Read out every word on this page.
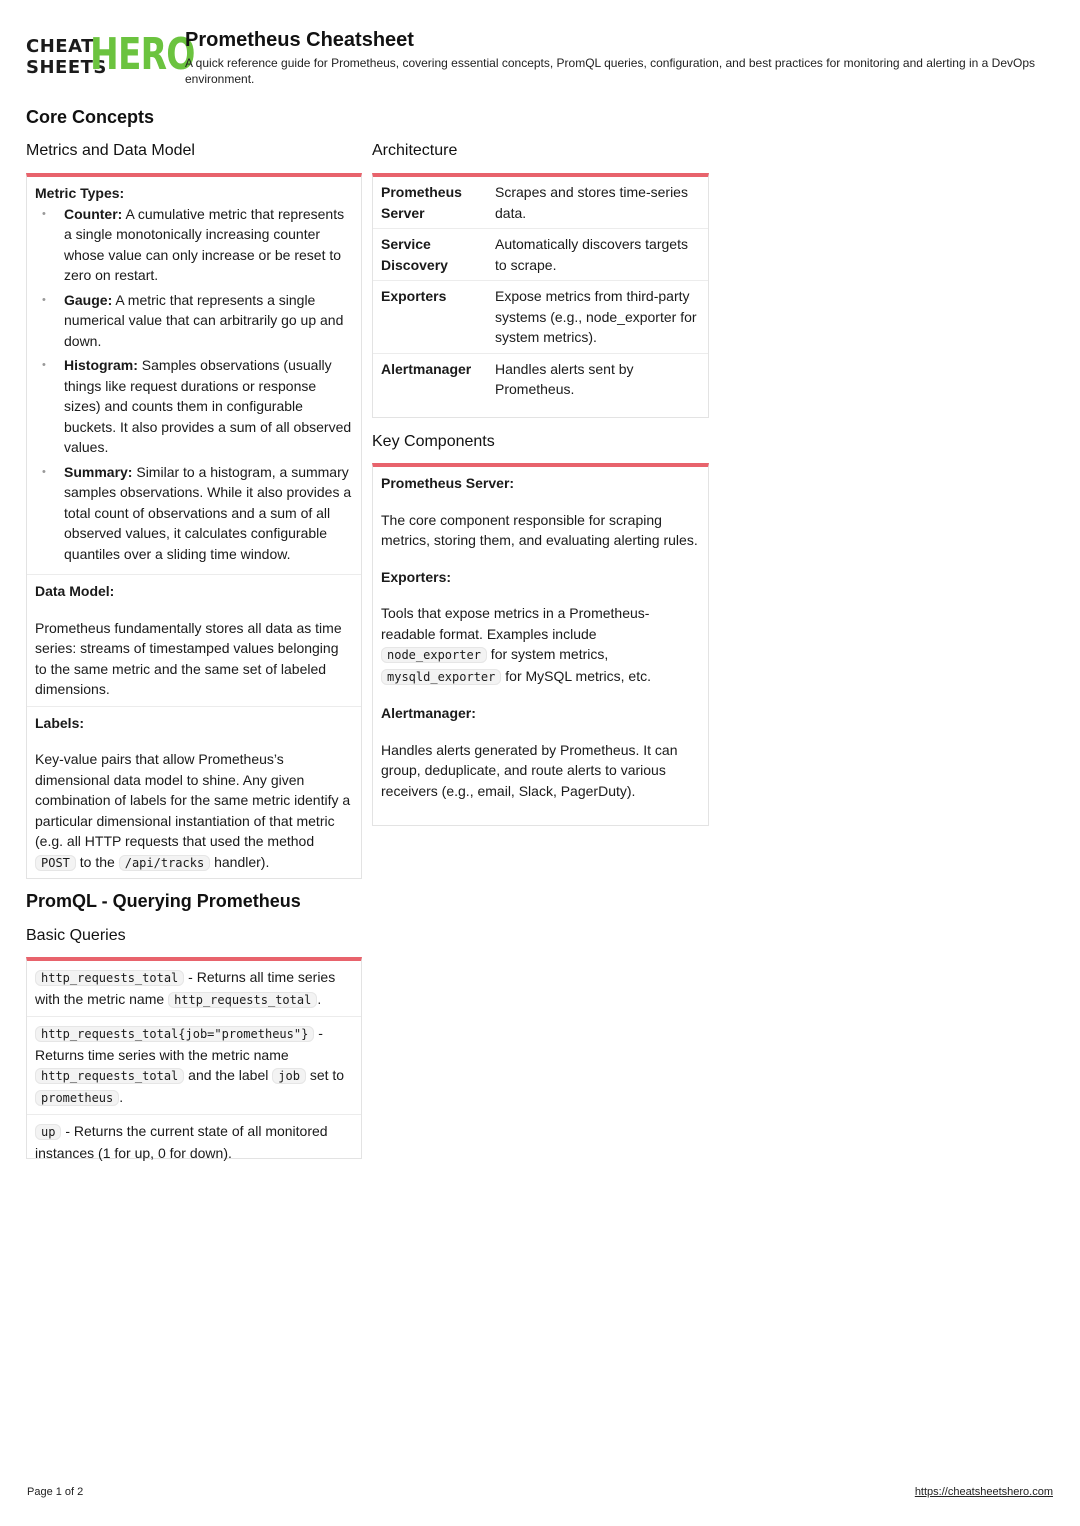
CHEAT
SHEETS
HERO
Prometheus Cheatsheet
A quick reference guide for Prometheus, covering essential concepts, PromQL queries, configuration, and best practices for monitoring and alerting in a DevOps environment.
Core Concepts
Metrics and Data Model
Metric Types:
• Counter: A cumulative metric that represents a single monotonically increasing counter whose value can only increase or be reset to zero on restart.
• Gauge: A metric that represents a single numerical value that can arbitrarily go up and down.
• Histogram: Samples observations (usually things like request durations or response sizes) and counts them in configurable buckets. It also provides a sum of all observed values.
• Summary: Similar to a histogram, a summary samples observations. While it also provides a total count of observations and a sum of all observed values, it calculates configurable quantiles over a sliding time window.
Data Model:
Prometheus fundamentally stores all data as time series: streams of timestamped values belonging to the same metric and the same set of labeled dimensions.
Labels:
Key-value pairs that allow Prometheus’s dimensional data model to shine. Any given combination of labels for the same metric identify a particular dimensional instantiation of that metric (e.g. all HTTP requests that used the method POST to the /api/tracks handler).
Architecture
Prometheus Server	Scrapes and stores time-series data.
Service Discovery	Automatically discovers targets to scrape.
Exporters	Expose metrics from third-party systems (e.g., node_exporter for system metrics).
Alertmanager	Handles alerts sent by Prometheus.
Key Components
Prometheus Server:
The core component responsible for scraping metrics, storing them, and evaluating alerting rules.
Exporters:
Tools that expose metrics in a Prometheus-readable format. Examples include node_exporter for system metrics, mysqld_exporter for MySQL metrics, etc.
Alertmanager:
Handles alerts generated by Prometheus. It can group, deduplicate, and route alerts to various receivers (e.g., email, Slack, PagerDuty).
PromQL - Querying Prometheus
Basic Queries
http_requests_total - Returns all time series with the metric name http_requests_total .
http_requests_total{job="prometheus"} - Returns time series with the metric name http_requests_total and the label job set to prometheus .
up - Returns the current state of all monitored instances (1 for up, 0 for down).
Page 1 of 2	https://cheatsheetshero.com
